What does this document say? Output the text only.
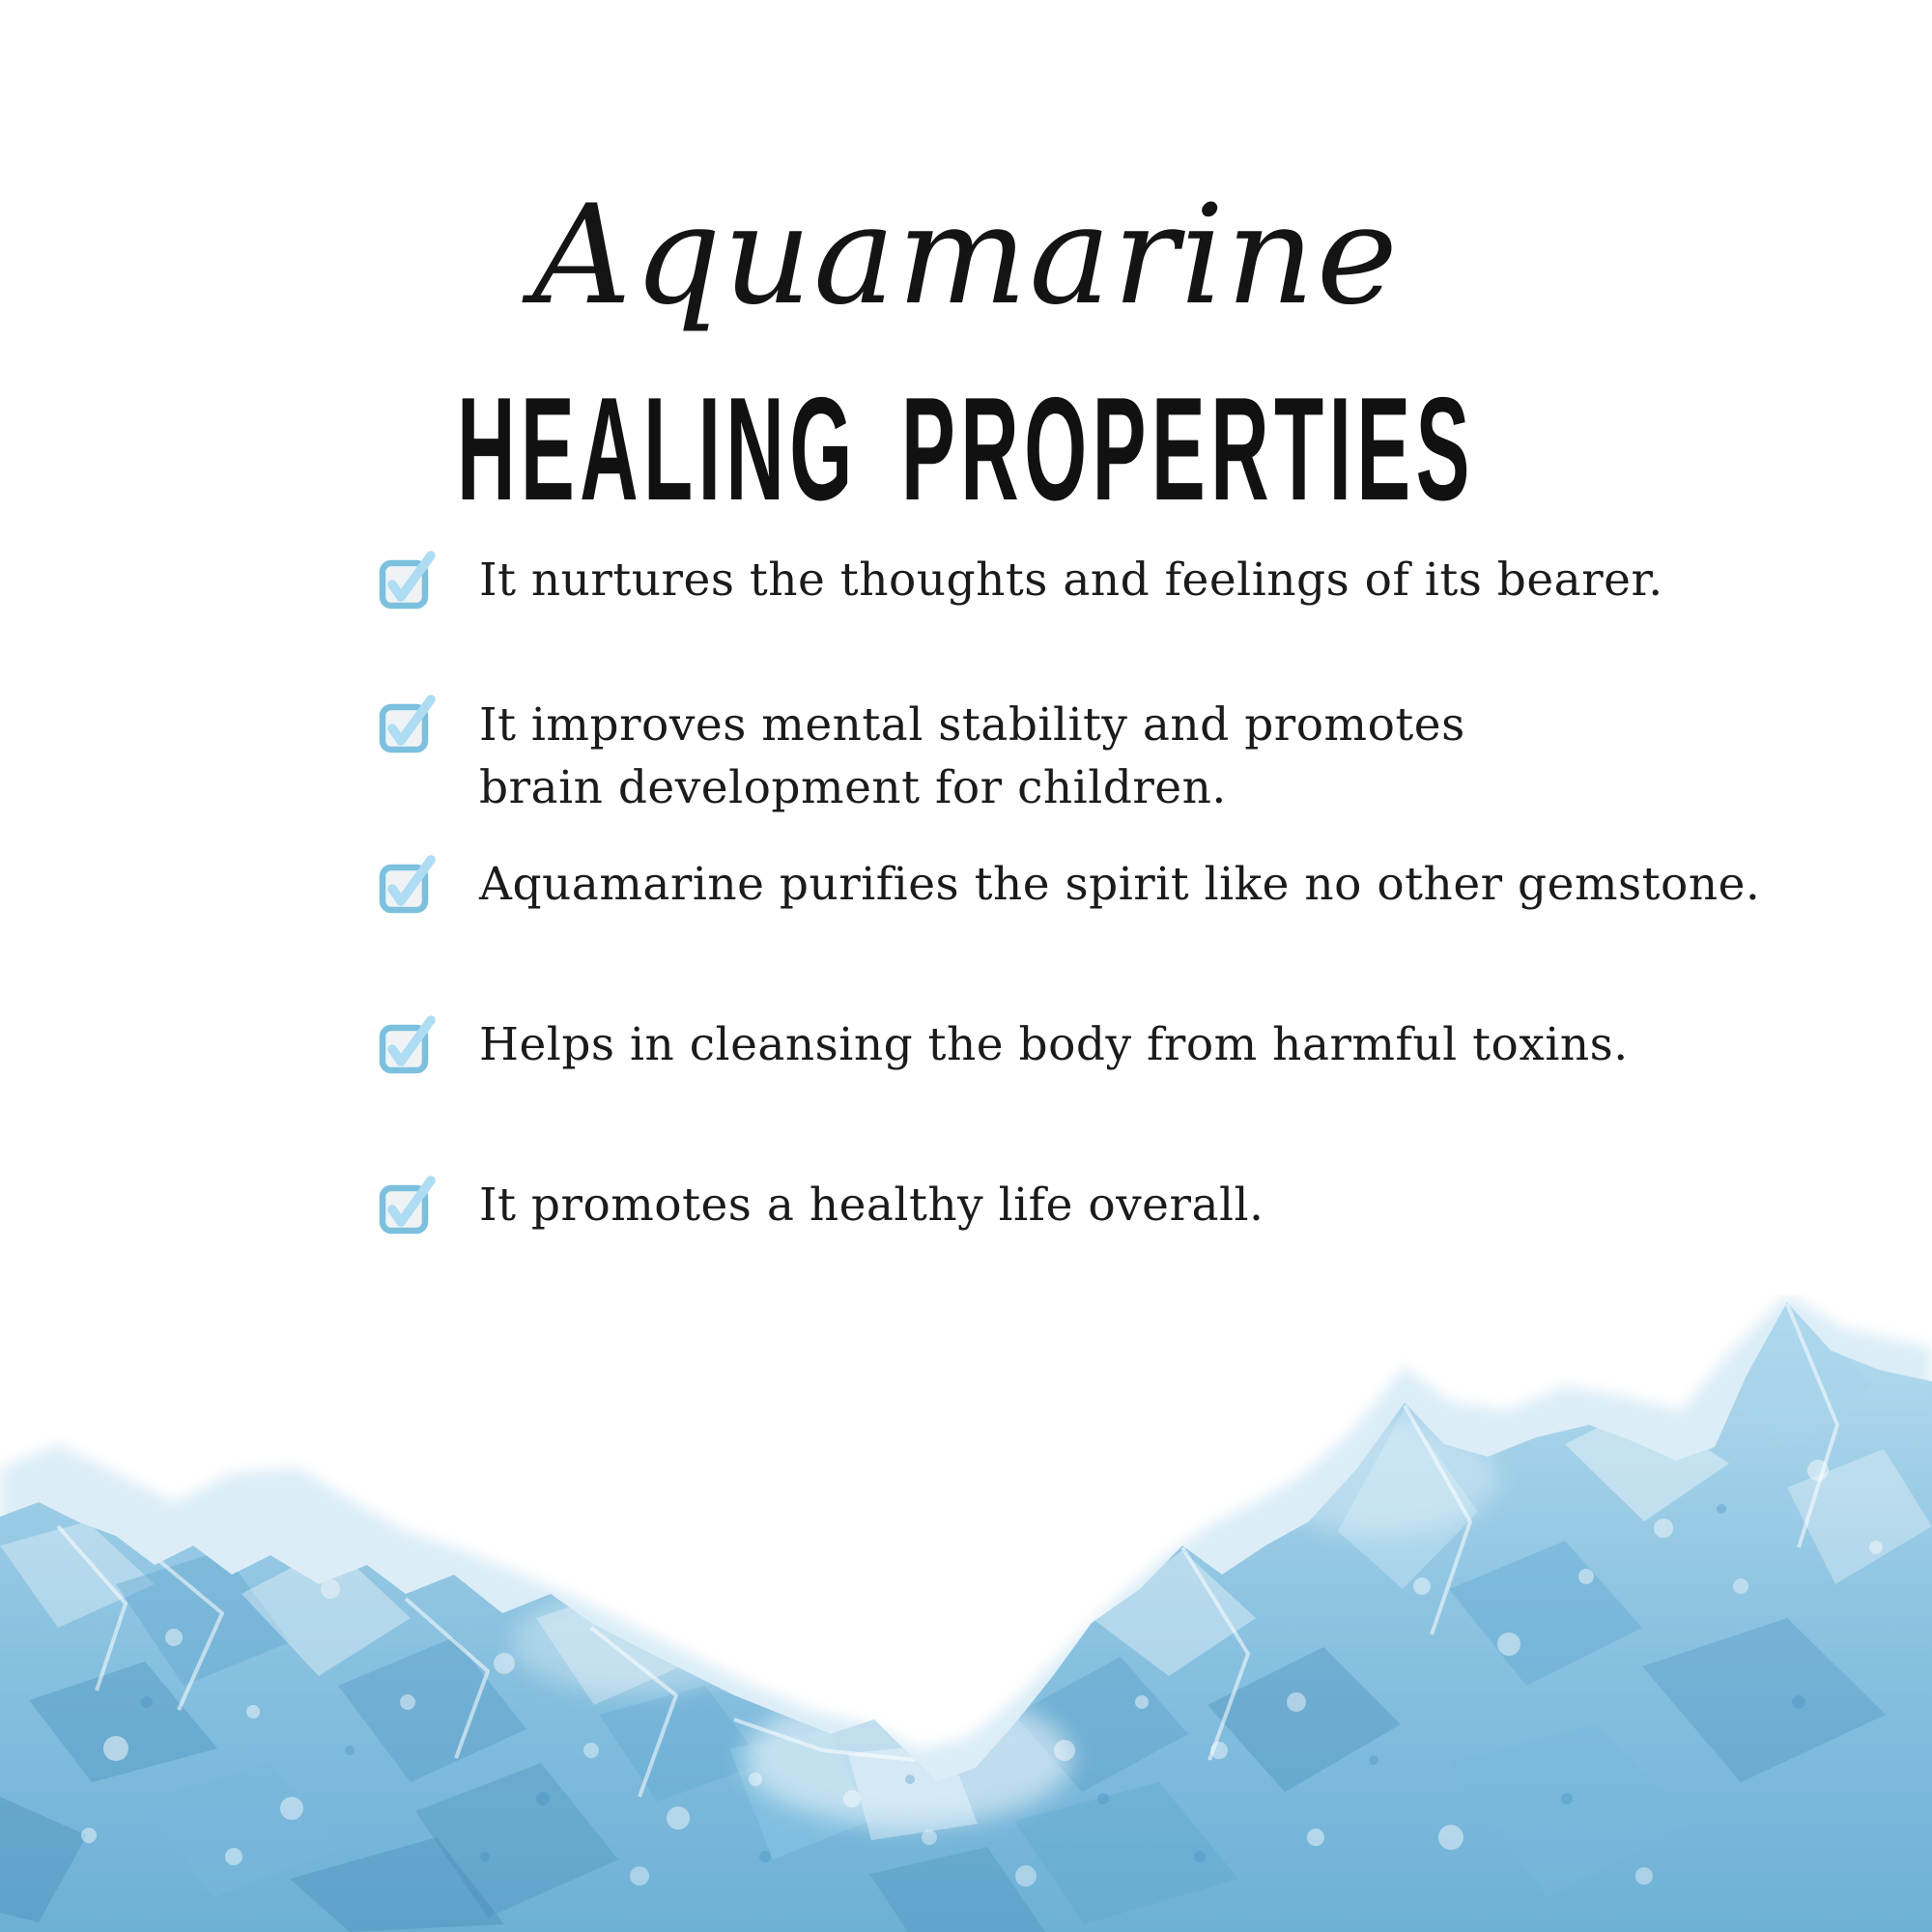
Aquamarine
HEALING PROPERTIES

It nurtures the thoughts and feelings of its bearer.

It improves mental stability and promotes
brain development for children.

Aquamarine purifies the spirit like no other gemstone.

Helps in cleansing the body from harmful toxins.

It promotes a healthy life overall.
